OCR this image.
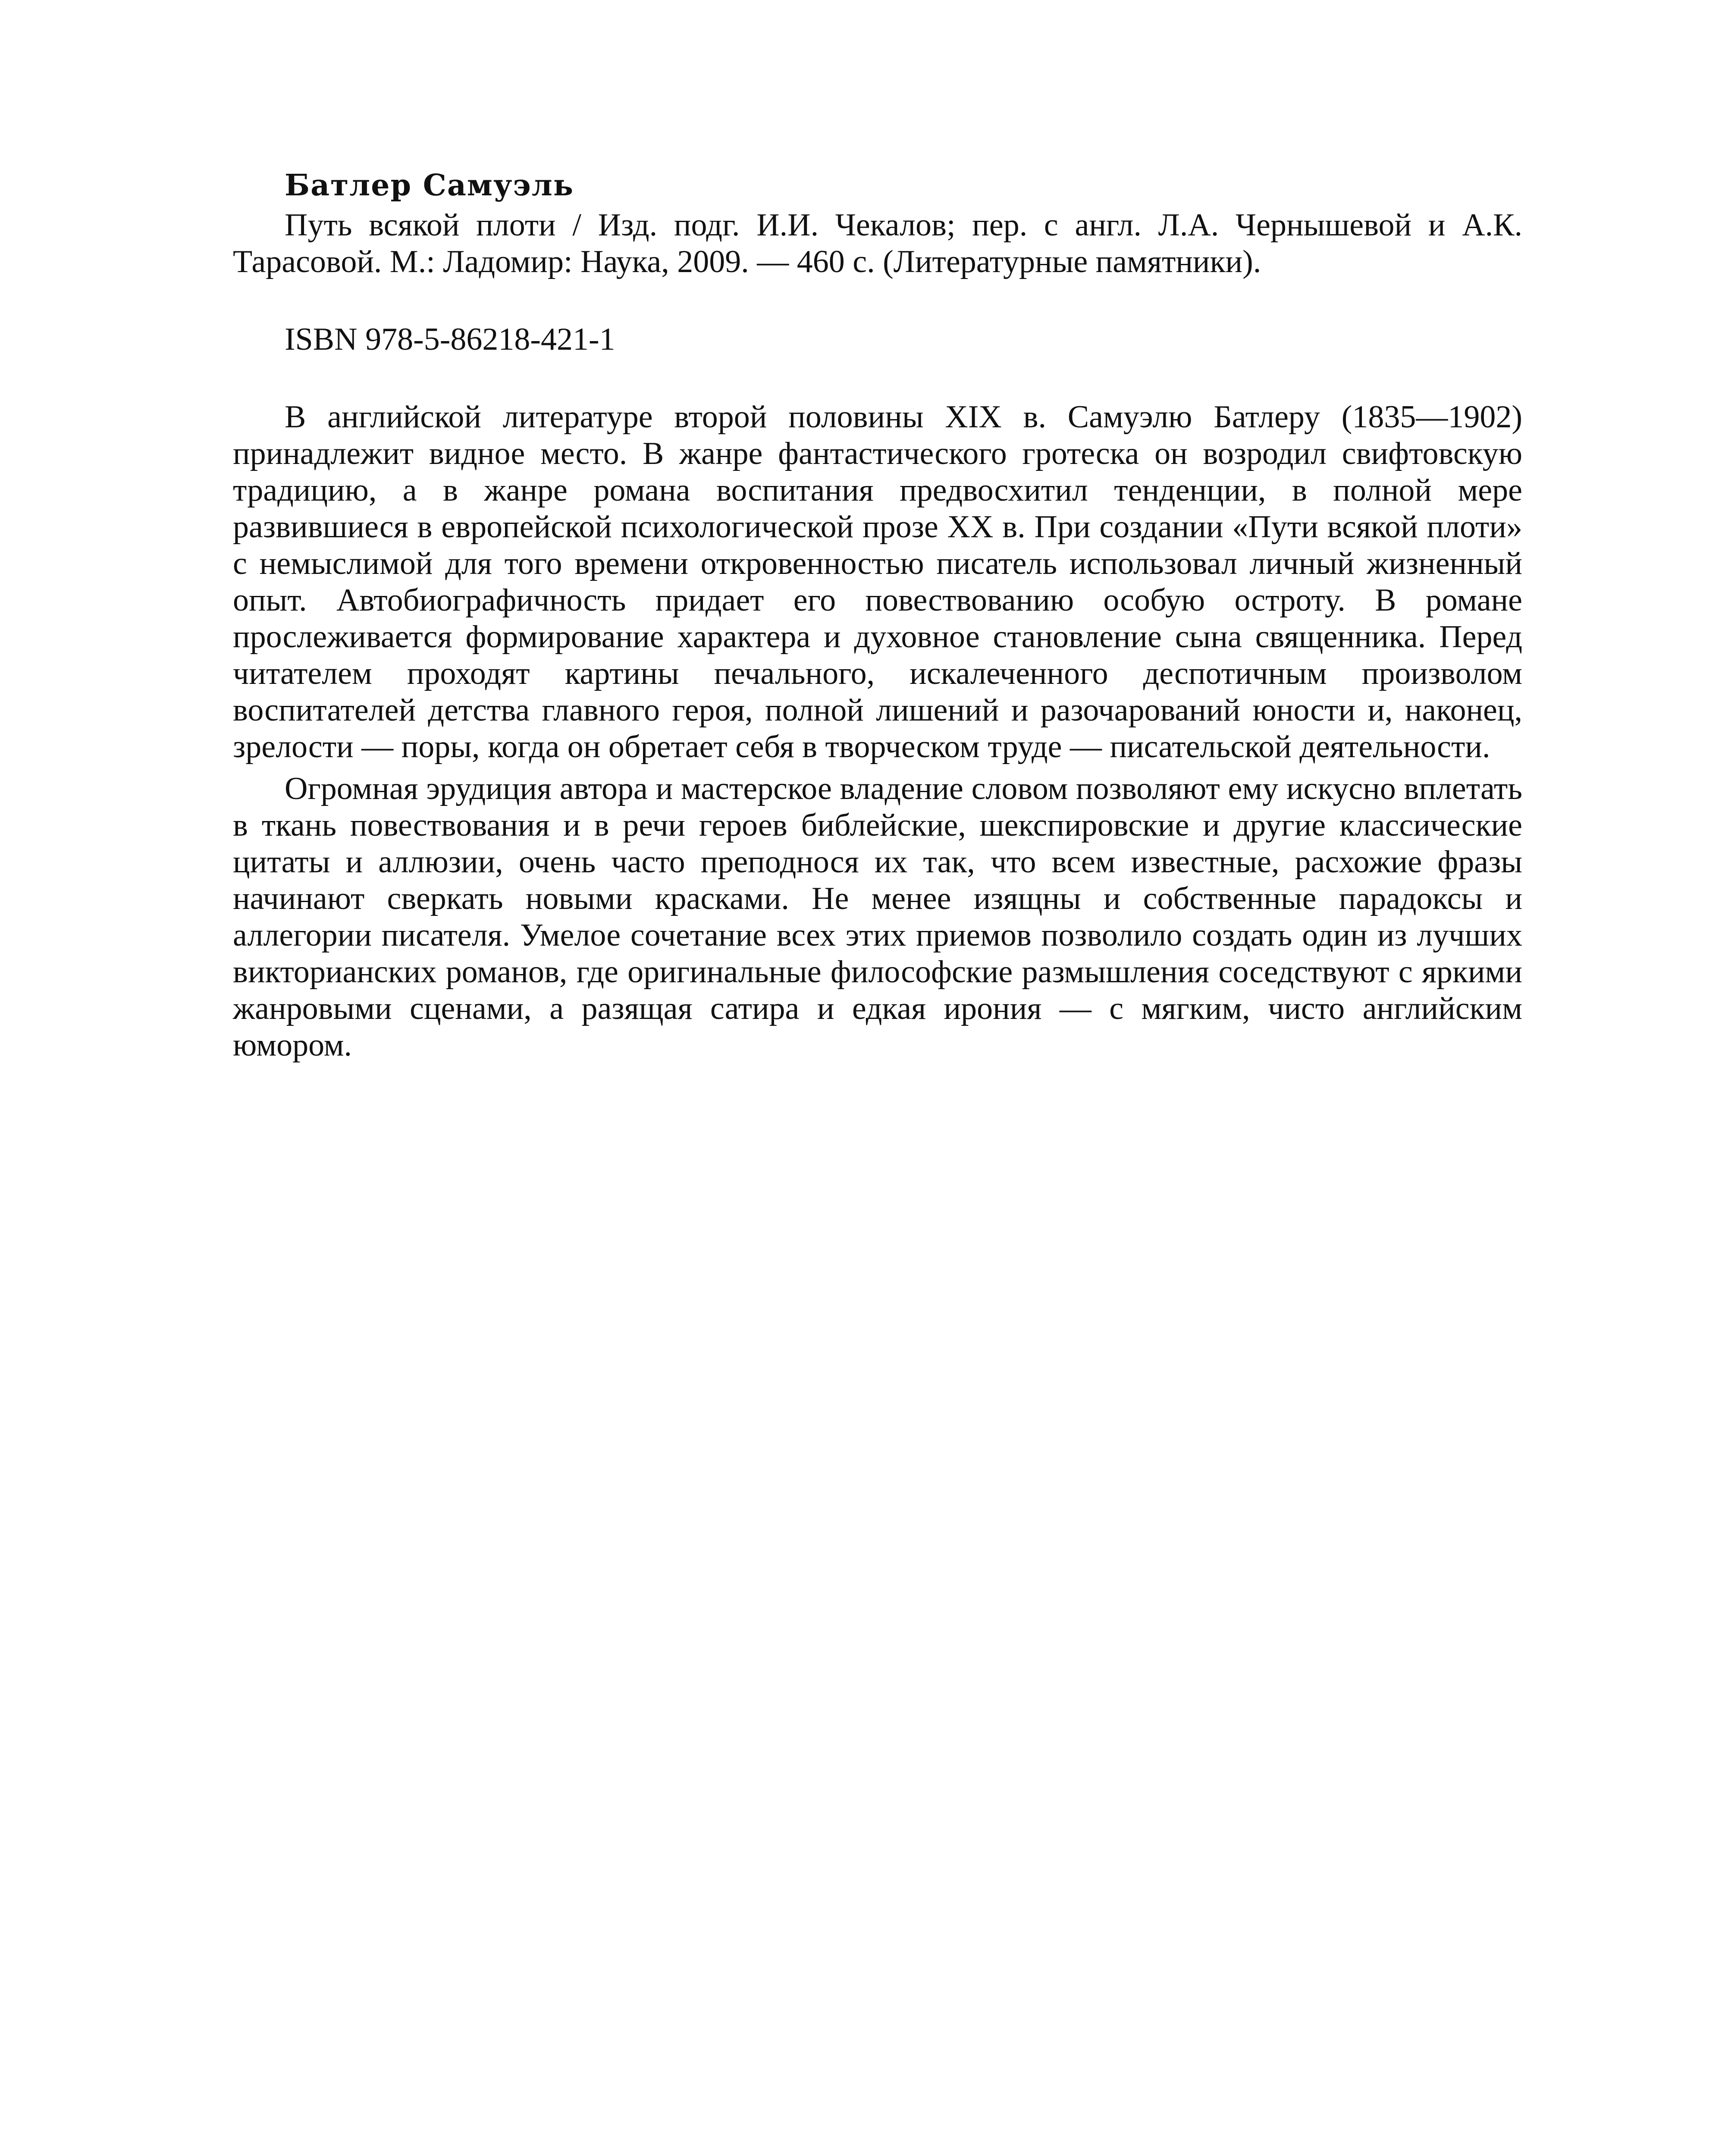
Батлер Самуэль

Путь всякой плоти / Изд. подг. И.И. Чекалов; пер. с англ. Л.А. Чернышевой и А.К. Тарасовой. М.: Ладомир: Наука, 2009. — 460 с. (Литературные памятники).

ISBN 978-5-86218-421-1

В английской литературе второй половины XIX в. Самуэлю Батлеру (1835—1902) принадлежит видное место. В жанре фантастического гротеска он возродил свифтовскую традицию, а в жанре романа воспитания предвосхитил тенденции, в полной мере развившиеся в европейской психологической прозе XX в. При создании «Пути всякой плоти» с немыслимой для того времени откровенностью писатель использовал личный жизненный опыт. Автобиографичность придает его повествованию особую остроту. В романе прослеживается формирование характера и духовное становление сына священника. Перед читателем проходят картины печального, искалеченного деспотичным произволом воспитателей детства главного героя, полной лишений и разочарований юности и, наконец, зрелости — поры, когда он обретает себя в творческом труде — писательской деятельности.

Огромная эрудиция автора и мастерское владение словом позволяют ему искусно вплетать в ткань повествования и в речи героев библейские, шекспировские и другие классические цитаты и аллюзии, очень часто преподнося их так, что всем известные, расхожие фразы начинают сверкать новыми красками. Не менее изящны и собственные парадоксы и аллегории писателя. Умелое сочетание всех этих приемов позволило создать один из лучших викторианских романов, где оригинальные философские размышления соседствуют с яркими жанровыми сценами, а разящая сатира и едкая ирония — с мягким, чисто английским юмором.
